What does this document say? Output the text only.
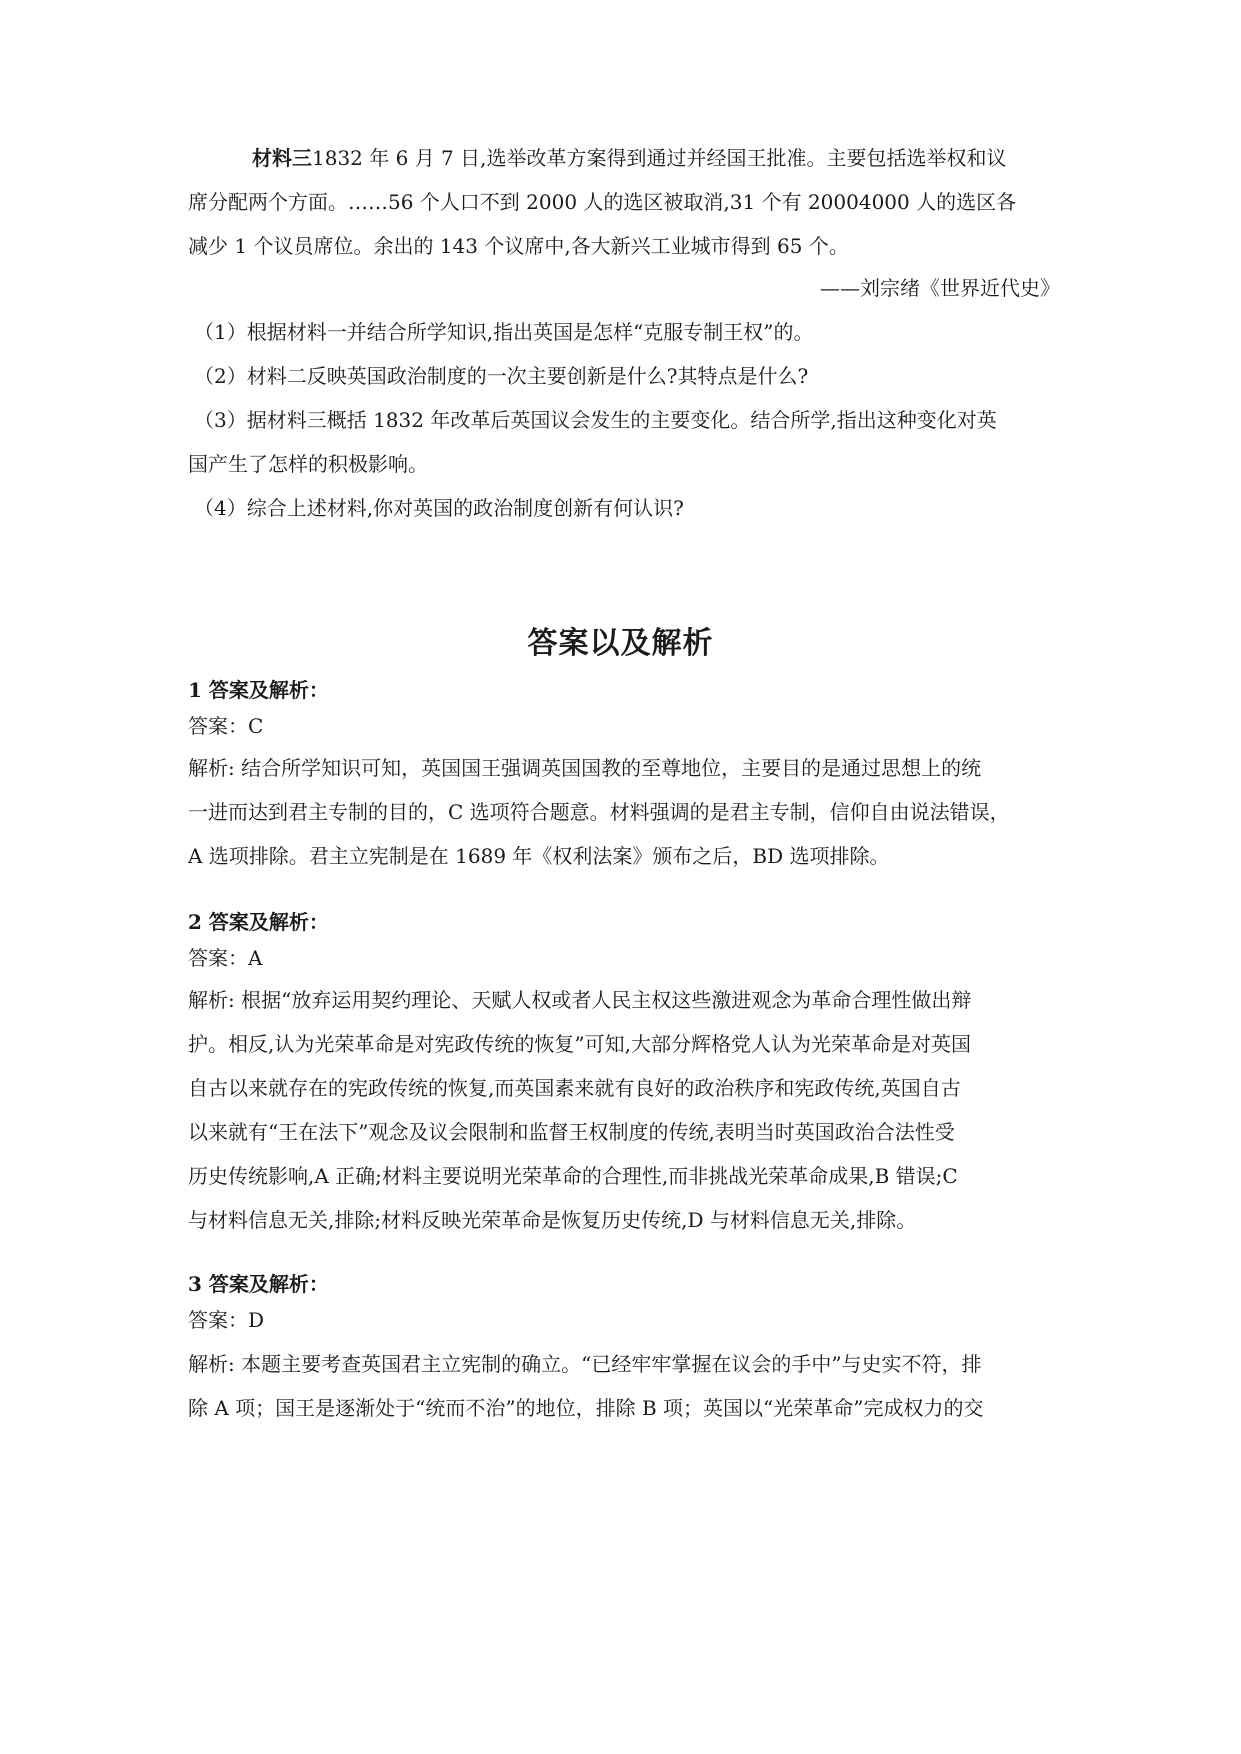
材料三1832 年 6 月 7 日,选举改革方案得到通过并经国王批准。主要包括选举权和议
席分配两个方面。……56 个人口不到 2000 人的选区被取消,31 个有 20004000 人的选区各
减少 1 个议员席位。余出的 143 个议席中,各大新兴工业城市得到 65 个。
——刘宗绪《世界近代史》
（1）根据材料一并结合所学知识,指出英国是怎样“克服专制王权”的。
（2）材料二反映英国政治制度的一次主要创新是什么?其特点是什么?
（3）据材料三概括 1832 年改革后英国议会发生的主要变化。结合所学,指出这种变化对英
国产生了怎样的积极影响。
（4）综合上述材料,你对英国的政治制度创新有何认识?
答案以及解析
1 答案及解析：
答案：C
解析: 结合所学知识可知，英国国王强调英国国教的至尊地位，主要目的是通过思想上的统
一进而达到君主专制的目的，C 选项符合题意。材料强调的是君主专制，信仰自由说法错误，
A 选项排除。君主立宪制是在 1689 年《权利法案》颁布之后，BD 选项排除。
2 答案及解析：
答案：A
解析: 根据“放弃运用契约理论、天赋人权或者人民主权这些激进观念为革命合理性做出辩
护。相反,认为光荣革命是对宪政传统的恢复”可知,大部分辉格党人认为光荣革命是对英国
自古以来就存在的宪政传统的恢复,而英国素来就有良好的政治秩序和宪政传统,英国自古
以来就有“王在法下”观念及议会限制和监督王权制度的传统,表明当时英国政治合法性受
历史传统影响,A 正确;材料主要说明光荣革命的合理性,而非挑战光荣革命成果,B 错误;C
与材料信息无关,排除;材料反映光荣革命是恢复历史传统,D 与材料信息无关,排除。
3 答案及解析：
答案：D
解析: 本题主要考查英国君主立宪制的确立。“已经牢牢掌握在议会的手中”与史实不符，排
除 A 项；国王是逐渐处于“统而不治”的地位，排除 B 项；英国以“光荣革命”完成权力的交
